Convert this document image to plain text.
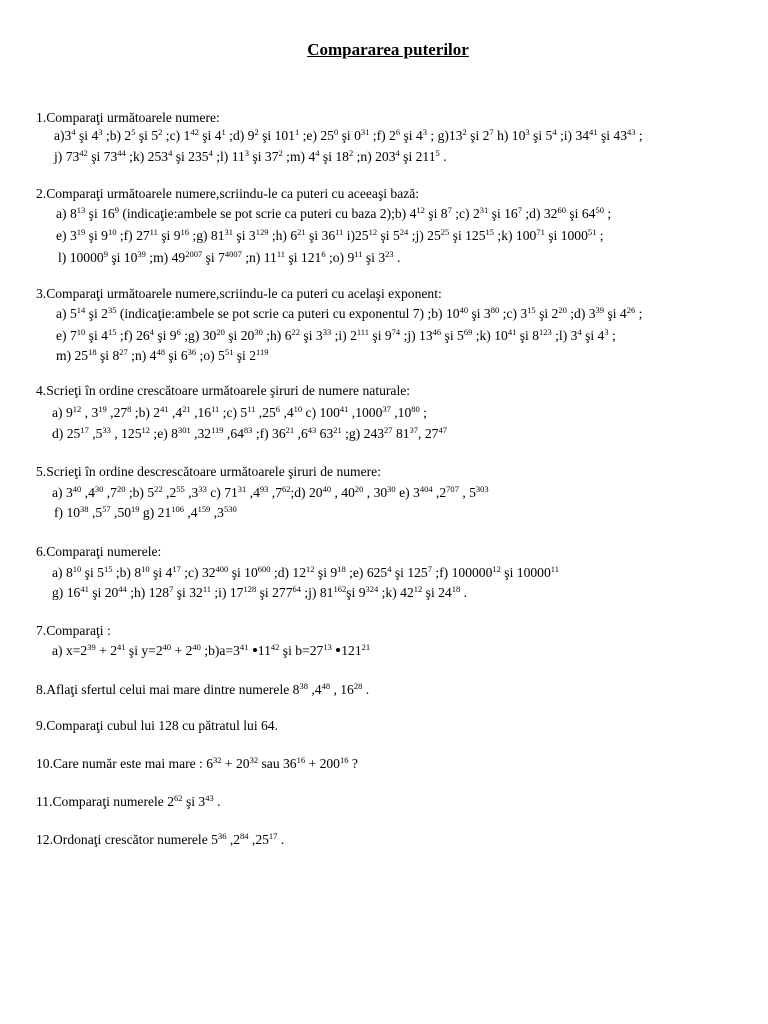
Compararea puterilor
1.Comparaţi următoarele numere:
$a)3^4$ şi $4^3$ ;b) $2^5$ şi $5^2$ ;c) $1^{42}$ şi $4^1$ ;d) $9^2$ şi $101^1$ ;e) $25^0$ şi $0^{31}$ ;f) $2^6$ şi $4^3$ ; $g)13^2$ şi $2^7$ h) $10^3$ şi $5^4$ ;i) $34^{41}$ şi $43^{43}$ ;
j) $73^{42}$ şi $73^{44}$ ;k) $253^4$ şi $235^4$ ;l) $11^3$ şi $37^2$ ;m) $4^4$ şi $18^2$ ;n) $203^4$ şi $211^5$ .
2.Comparaţi următoarele numere,scriindu-le ca puteri cu aceeaşi bază:
a) $8^{13}$ şi $16^9$ (indicaţie:ambele se pot scrie ca puteri cu baza 2);b) $4^{12}$ şi $8^7$ ;c) $2^{31}$ şi $16^7$ ;d) $32^{60}$ şi $64^{50}$ ;
e) $3^{19}$ şi $9^{10}$ ;f) $27^{11}$ şi $9^{16}$ ;g) $81^{31}$ şi $3^{129}$ ;h) $6^{21}$ şi $36^{11}$ $i)25^{12}$ şi $5^{24}$ ;j) $25^{25}$ şi $125^{15}$ ;k) $100^{71}$ şi 1000$^{51}$ ;
l) 10000$^9$ şi $10^{39}$ ;m) $49^{2007}$ şi $7^{4007}$ ;n) $11^{11}$ şi $121^6$ ;o) $9^{11}$ şi $3^{23}$ .
3.Comparaţi următoarele numere,scriindu-le ca puteri cu acelaşi exponent:
a) $5^{14}$ şi $2^{35}$ (indicaţie:ambele se pot scrie ca puteri cu exponentul 7) ;b) $10^{40}$ şi $3^{80}$ ;c) $3^{15}$ şi $2^{20}$ ;d) $3^{39}$ şi $4^{26}$ ;
e) $7^{10}$ şi $4^{15}$ ;f) $26^4$ şi $9^6$ ;g) $30^{20}$ şi $20^{30}$ ;h) $6^{22}$ şi $3^{33}$ ;i) $2^{111}$ şi $9^{74}$ ;j) $13^{46}$ şi $5^{69}$ ;k) $10^{41}$ şi $8^{123}$ ;l) $3^4$ şi $4^3$ ;
m) $25^{18}$ şi $8^{27}$ ;n) $4^{48}$ şi $6^{36}$ ;o) $5^{51}$ şi $2^{119}$
4.Scrieţi în ordine crescătoare următoarele şiruri de numere naturale:
a) $9^{12}$ , $3^{19}$ $,27^8$ ;b) $2^{41}$ $,4^{21}$ $,16^{11}$ ;c) $5^{11}$ $,25^6$ $,4^{10}$ c) $100^{41}$ ,1000$^{37}$ $,10^{80}$ ;
d) $25^{17}$ $,5^{33}$ , $125^{12}$ ;e) $8^{301}$ $,32^{119}$ $,64^{83}$ ;f) $36^{21}$ $,6^{43}$ $63^{21}$ ;g) $243^{27}$ $81^{37}$, $27^{47}$
5.Scrieţi în ordine descrescătoare următoarele şiruri de numere:
a) $3^{40}$ $,4^{30}$ $,7^{20}$ ;b) $5^{22}$ $,2^{55}$ $,3^{33}$ c) $71^{31}$ $,4^{93}$ $,7^{62};d$) $20^{40}$ , $40^{20}$ , $30^{30}$ e) $3^{404}$ $,2^{707}$ , $5^{303}$
f) $10^{38}$ $,5^{57}$ $,50^{19}$ g) $21^{106}$ $,4^{159}$ $,3^{530}$
6.Comparaţi numerele:
a) $8^{10}$ şi $5^{15}$ ;b) $8^{10}$ şi $4^{17}$ ;c) $32^{400}$ şi $10^{600}$ ;d) $12^{12}$ şi $9^{18}$ ;e) $625^4$ şi $125^7$ ;f) 100000$^{12}$ şi 10000$^{11}$
g) $16^{41}$ şi $20^{44}$ ;h) $128^7$ şi $32^{11}$ ;i) $17^{128}$ şi $277^{64}$ ;j) $81^{162}şi$ $9^{324}$ ;k) $42^{12}$ şi $24^{18}$ .
7.Comparaţi :
a) $x=2^{39} + 2^{41}$ şi $y=2^{40} + 2^{40}$ $;b)a=3^{41}$ $11^{42}$ şi $b=27^{13}$ $121^{21}$
8.Aflaţi sfertul celui mai mare dintre numerele $8^{38}$ $,4^{48}$ , $16^{28}$ .
9.Comparaţi cubul lui 128 cu pătratul lui 64.
10.Care număr este mai mare : $6^{32} + 20^{32}$ sau $36^{16} + 200^{16}$ ?
11.Comparaţi numerele $2^{62}$ şi $3^{43}$ .
12.Ordonaţi crescător numerele $5^{36}$ $,2^{84}$ $,25^{17}$ .
